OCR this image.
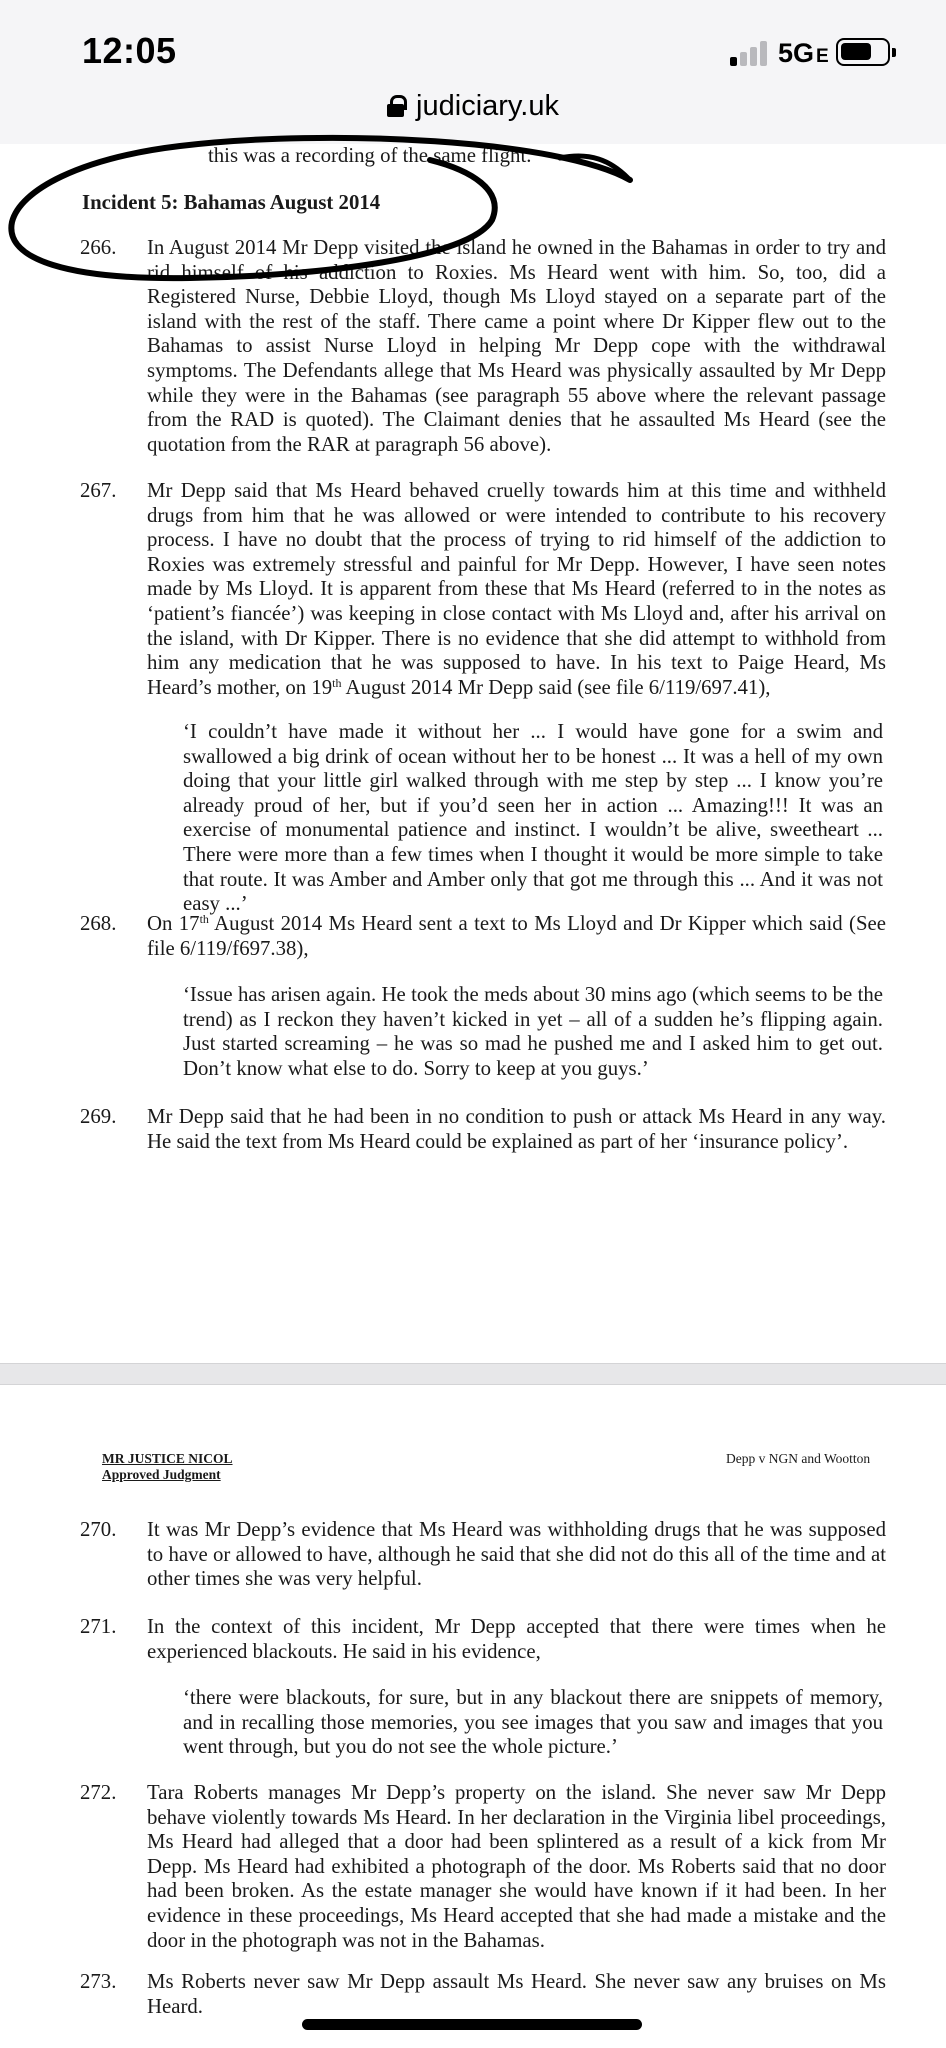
12:05	5G E
judiciary.uk
this was a recording of the same flight.
Incident 5: Bahamas August 2014
266. In August 2014 Mr Depp visited the island he owned in the Bahamas in order to try and rid himself of his addiction to Roxies. Ms Heard went with him. So, too, did a Registered Nurse, Debbie Lloyd, though Ms Lloyd stayed on a separate part of the island with the rest of the staff. There came a point where Dr Kipper flew out to the Bahamas to assist Nurse Lloyd in helping Mr Depp cope with the withdrawal symptoms. The Defendants allege that Ms Heard was physically assaulted by Mr Depp while they were in the Bahamas (see paragraph 55 above where the relevant passage from the RAD is quoted). The Claimant denies that he assaulted Ms Heard (see the quotation from the RAR at paragraph 56 above).
267. Mr Depp said that Ms Heard behaved cruelly towards him at this time and withheld drugs from him that he was allowed or were intended to contribute to his recovery process. I have no doubt that the process of trying to rid himself of the addiction to Roxies was extremely stressful and painful for Mr Depp. However, I have seen notes made by Ms Lloyd. It is apparent from these that Ms Heard (referred to in the notes as ‘patient’s fiancée’) was keeping in close contact with Ms Lloyd and, after his arrival on the island, with Dr Kipper. There is no evidence that she did attempt to withhold from him any medication that he was supposed to have. In his text to Paige Heard, Ms Heard’s mother, on 19th August 2014 Mr Depp said (see file 6/119/697.41),
‘I couldn’t have made it without her ... I would have gone for a swim and swallowed a big drink of ocean without her to be honest ... It was a hell of my own doing that your little girl walked through with me step by step ... I know you’re already proud of her, but if you’d seen her in action ... Amazing!!! It was an exercise of monumental patience and instinct. I wouldn’t be alive, sweetheart ... There were more than a few times when I thought it would be more simple to take that route. It was Amber and Amber only that got me through this ... And it was not easy ...’
268. On 17th August 2014 Ms Heard sent a text to Ms Lloyd and Dr Kipper which said (See file 6/119/f697.38),
‘Issue has arisen again. He took the meds about 30 mins ago (which seems to be the trend) as I reckon they haven’t kicked in yet – all of a sudden he’s flipping again. Just started screaming – he was so mad he pushed me and I asked him to get out. Don’t know what else to do. Sorry to keep at you guys.’
269. Mr Depp said that he had been in no condition to push or attack Ms Heard in any way. He said the text from Ms Heard could be explained as part of her ‘insurance policy’.
MR JUSTICE NICOL
Approved Judgment
Depp v NGN and Wootton
270. It was Mr Depp’s evidence that Ms Heard was withholding drugs that he was supposed to have or allowed to have, although he said that she did not do this all of the time and at other times she was very helpful.
271. In the context of this incident, Mr Depp accepted that there were times when he experienced blackouts. He said in his evidence,
‘there were blackouts, for sure, but in any blackout there are snippets of memory, and in recalling those memories, you see images that you saw and images that you went through, but you do not see the whole picture.’
272. Tara Roberts manages Mr Depp’s property on the island. She never saw Mr Depp behave violently towards Ms Heard. In her declaration in the Virginia libel proceedings, Ms Heard had alleged that a door had been splintered as a result of a kick from Mr Depp. Ms Heard had exhibited a photograph of the door. Ms Roberts said that no door had been broken. As the estate manager she would have known if it had been. In her evidence in these proceedings, Ms Heard accepted that she had made a mistake and the door in the photograph was not in the Bahamas.
273. Ms Roberts never saw Mr Depp assault Ms Heard. She never saw any bruises on Ms Heard.
